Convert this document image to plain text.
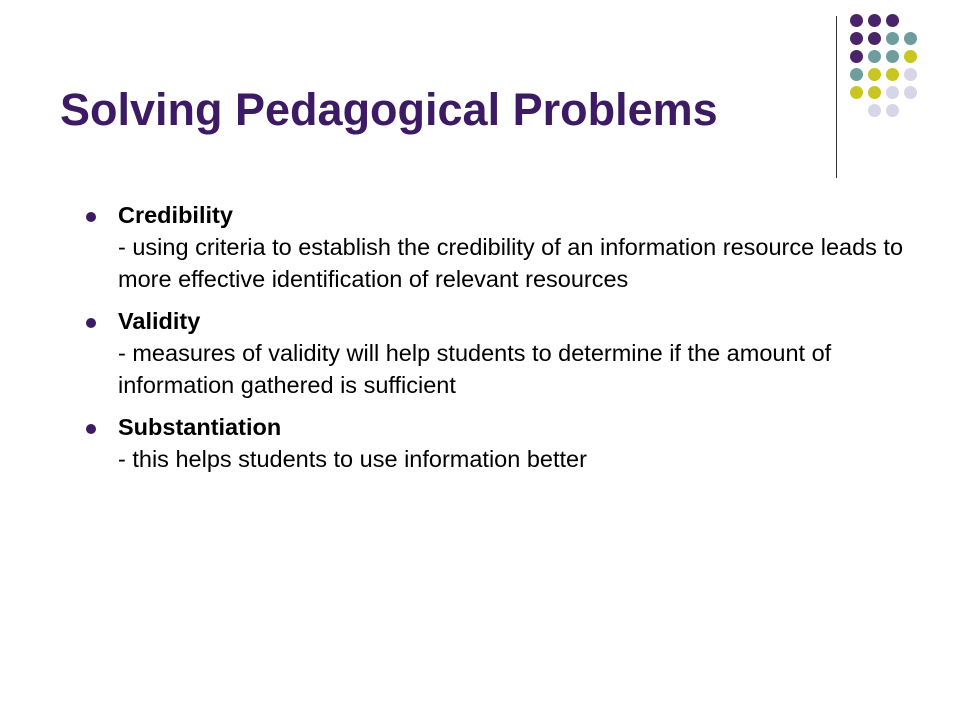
Solving Pedagogical Problems
Credibility
- using criteria to establish the credibility of an information resource leads to more effective identification of relevant resources
Validity
- measures of validity will help students to determine if the amount of information gathered is sufficient
Substantiation
- this helps students to use information better
